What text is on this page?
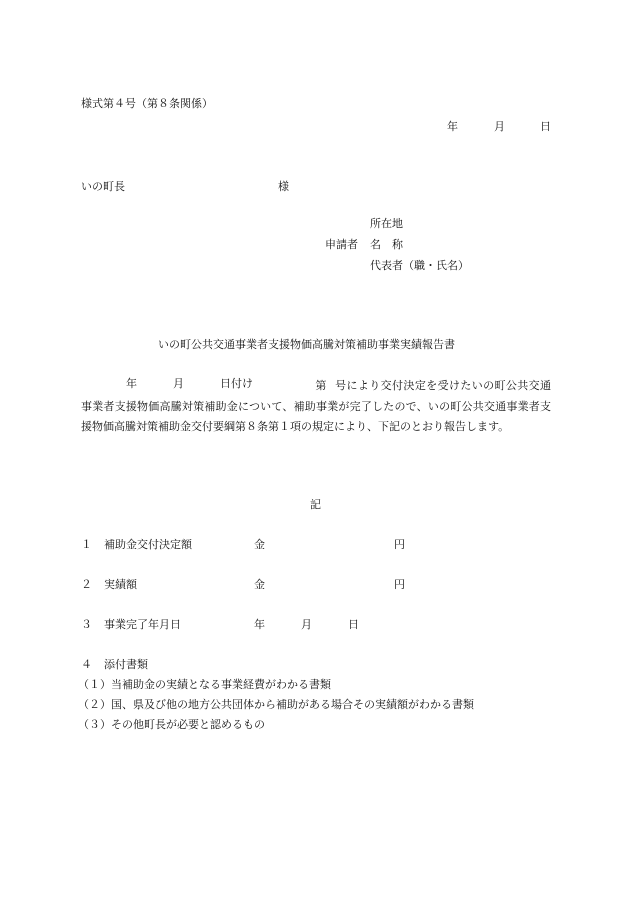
様式第４号（第８条関係）
年	月	日
いの町長	様
所在地
申請者 名　称
代表者（職・氏名）
いの町公共交通事業者支援物価高騰対策補助事業実績報告書
年	月	日付け	第 号により交付決定を受けたいの町公共交通事業者支援物価高騰対策補助金について、補助事業が完了したので、いの町公共交通事業者支援物価高騰対策補助金交付要綱第８条第１項の規定により、下記のとおり報告します。
記
１ 補助金交付決定額	金	円
２ 実績額	金	円
３ 事業完了年月日	年	月	日
４ 添付書類
（１）当補助金の実績となる事業経費がわかる書類
（２）国、県及び他の地方公共団体から補助がある場合その実績額がわかる書類
（３）その他町長が必要と認めるもの
